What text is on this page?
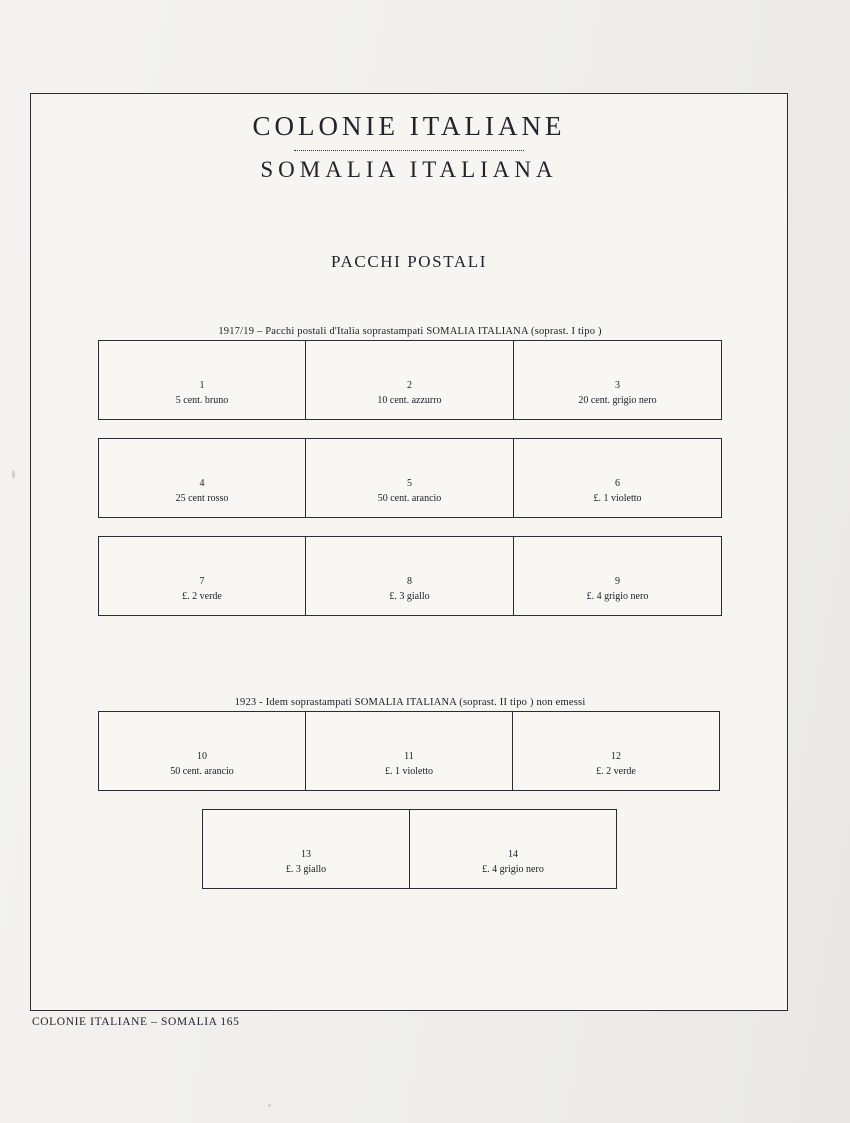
COLONIE ITALIANE
SOMALIA ITALIANA
PACCHI POSTALI
1917/19 – Pacchi postali d'Italia soprastampati SOMALIA ITALIANA (soprast. I tipo )
1
5 cent. bruno
2
10 cent. azzurro
3
20 cent. grigio nero
4
25 cent rosso
5
50 cent. arancio
6
£. 1 violetto
7
£. 2 verde
8
£. 3 giallo
9
£. 4 grigio nero
1923 - Idem soprastampati SOMALIA ITALIANA (soprast. II tipo ) non emessi
10
50 cent. arancio
11
£. 1 violetto
12
£. 2 verde
13
£. 3 giallo
14
£. 4 grigio nero
COLONIE ITALIANE – SOMALIA 165
